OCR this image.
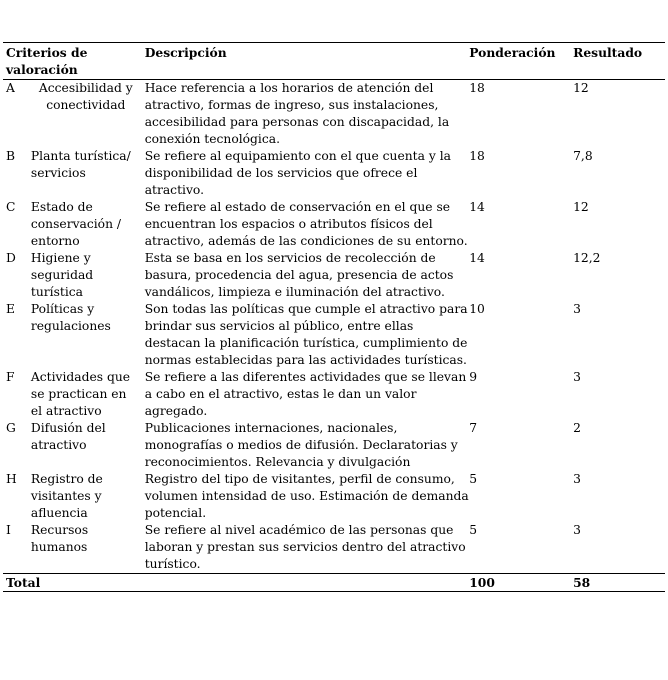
Criterios de valoración		Descripción	Ponderación	Resultado
A	Accesibilidad y conectividad	Hace referencia a los horarios de atención del atractivo, formas de ingreso, sus instalaciones, accesibilidad para personas con discapacidad, la conexión tecnológica.	18	12
B	Planta turística/ servicios	Se refiere al equipamiento con el que cuenta y la disponibilidad de los servicios que ofrece el atractivo.	18	7,8
C	Estado de conservación / entorno	Se refiere al estado de conservación en el que se encuentran los espacios o atributos físicos del atractivo, además de las condiciones de su entorno.	14	12
D	Higiene y seguridad turística	Esta se basa en los servicios de recolección de basura, procedencia del agua, presencia de actos vandálicos, limpieza e iluminación del atractivo.	14	12,2
E	Políticas y regulaciones	Son todas las políticas que cumple el atractivo para brindar sus servicios al público, entre ellas destacan la planificación turística, cumplimiento de normas establecidas para las actividades turísticas.	10	3
F	Actividades que se practican en el atractivo	Se refiere a las diferentes actividades que se llevan a cabo en el atractivo, estas le dan un valor agregado.	9	3
G	Difusión del atractivo	Publicaciones internaciones, nacionales, monografías o medios de difusión. Declaratorias y reconocimientos. Relevancia y divulgación	7	2
H	Registro de visitantes y afluencia	Registro del tipo de visitantes, perfil de consumo, volumen intensidad de uso. Estimación de demanda potencial.	5	3
I	Recursos humanos	Se refiere al nivel académico de las personas que laboran y prestan sus servicios dentro del atractivo turístico.	5	3
Total			100	58
